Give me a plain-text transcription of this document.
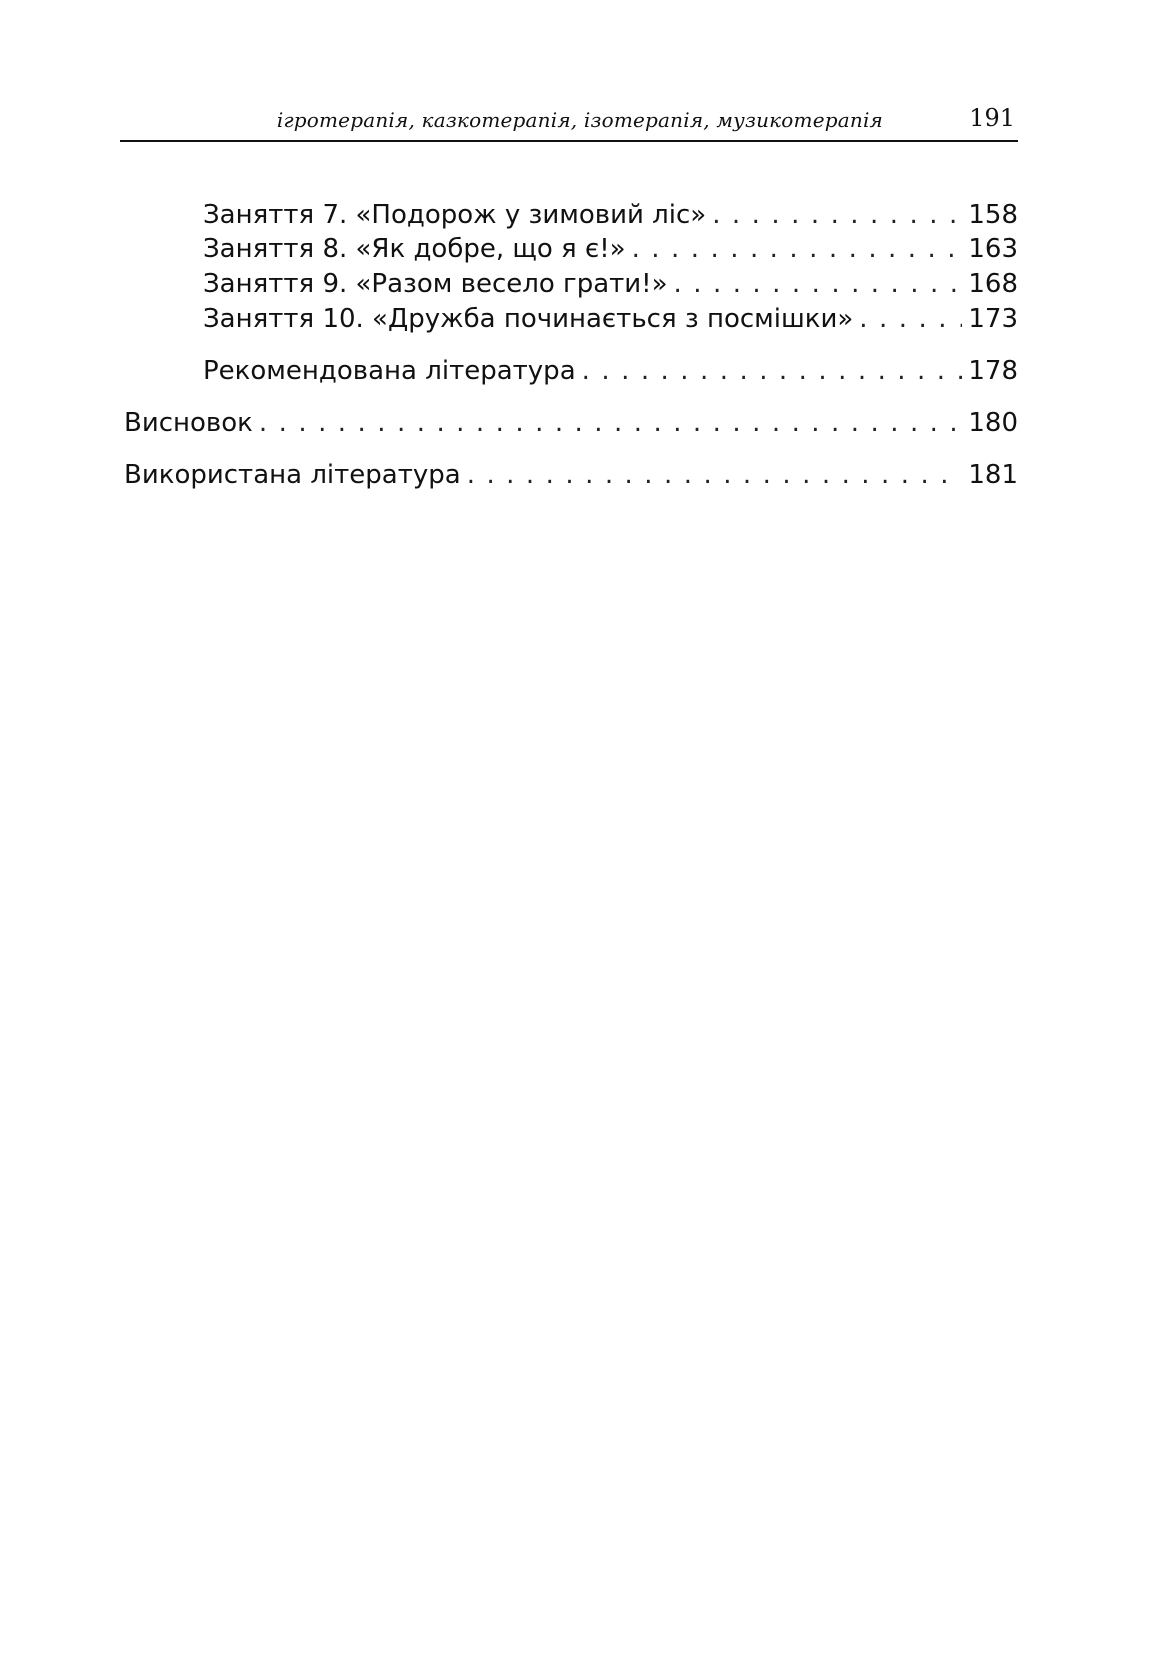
ігротерапія, казкотерапія, ізотерапія, музикотерапія	191
Заняття 7. «Подорож у зимовий ліс» . . .	158
Заняття 8. «Як добре, що я є!» . . .	163
Заняття 9. «Разом весело грати!» . . .	168
Заняття 10. «Дружба починається з посмішки» . . .	173
Рекомендована література . . .	178
Висновок . . .	180
Використана література . . .	181
